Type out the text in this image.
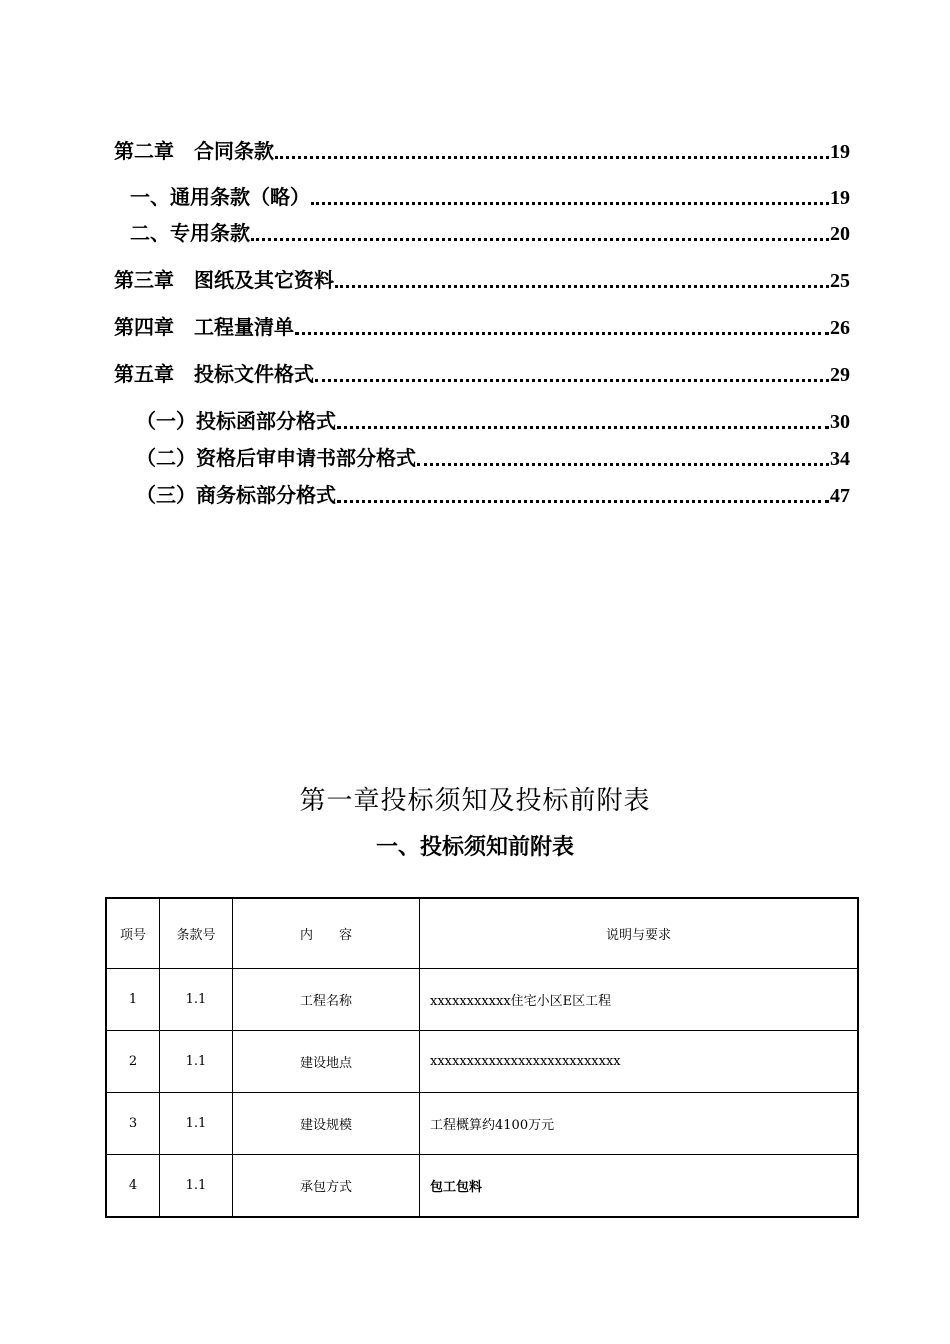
第二章　合同条款	19
一、通用条款（略）	19
二、专用条款	20
第三章　图纸及其它资料	25
第四章　工程量清单	26
第五章　投标文件格式	29
（一）投标函部分格式	30
（二）资格后审申请书部分格式	34
（三）商务标部分格式	47
第一章投标须知及投标前附表
一、投标须知前附表
项号	条款号	内　　容	说明与要求
1	1.1	工程名称	xxxxxxxxxxx住宅小区E区工程
2	1.1	建设地点	xxxxxxxxxxxxxxxxxxxxxxxxxx
3	1.1	建设规模	工程概算约4100万元
4	1.1	承包方式	包工包料
